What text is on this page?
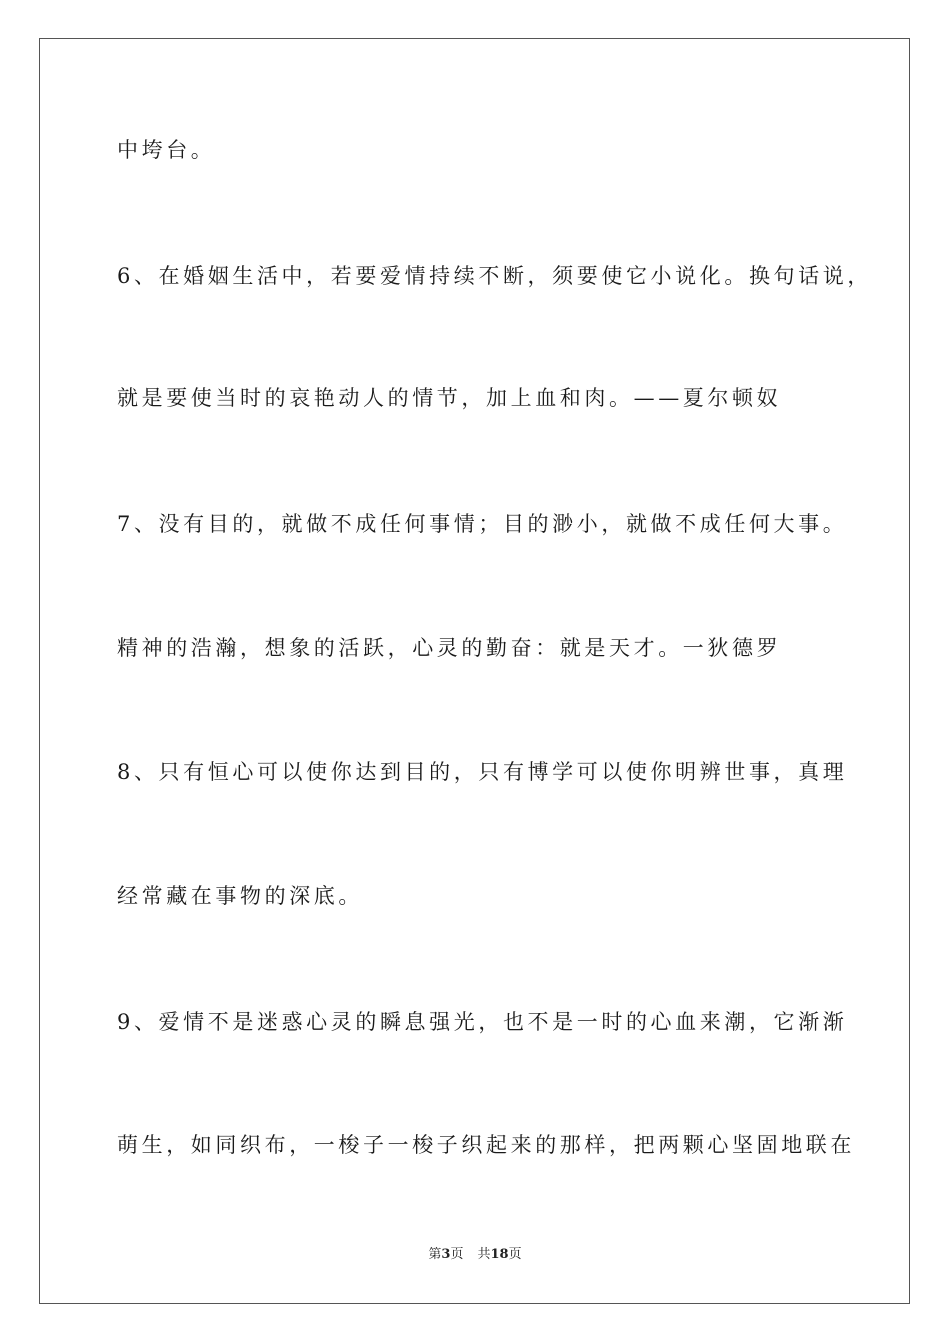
中垮台。
6、在婚姻生活中，若要爱情持续不断，须要使它小说化。换句话说，
就是要使当时的哀艳动人的情节，加上血和肉。——夏尔顿奴
7、没有目的，就做不成任何事情；目的渺小，就做不成任何大事。
精神的浩瀚，想象的活跃，心灵的勤奋：就是天才。一狄德罗
8、只有恒心可以使你达到目的，只有博学可以使你明辨世事，真理
经常藏在事物的深底。
9、爱情不是迷惑心灵的瞬息强光，也不是一时的心血来潮，它渐渐
萌生，如同织布，一梭子一梭子织起来的那样，把两颗心坚固地联在
第3页 共18页
